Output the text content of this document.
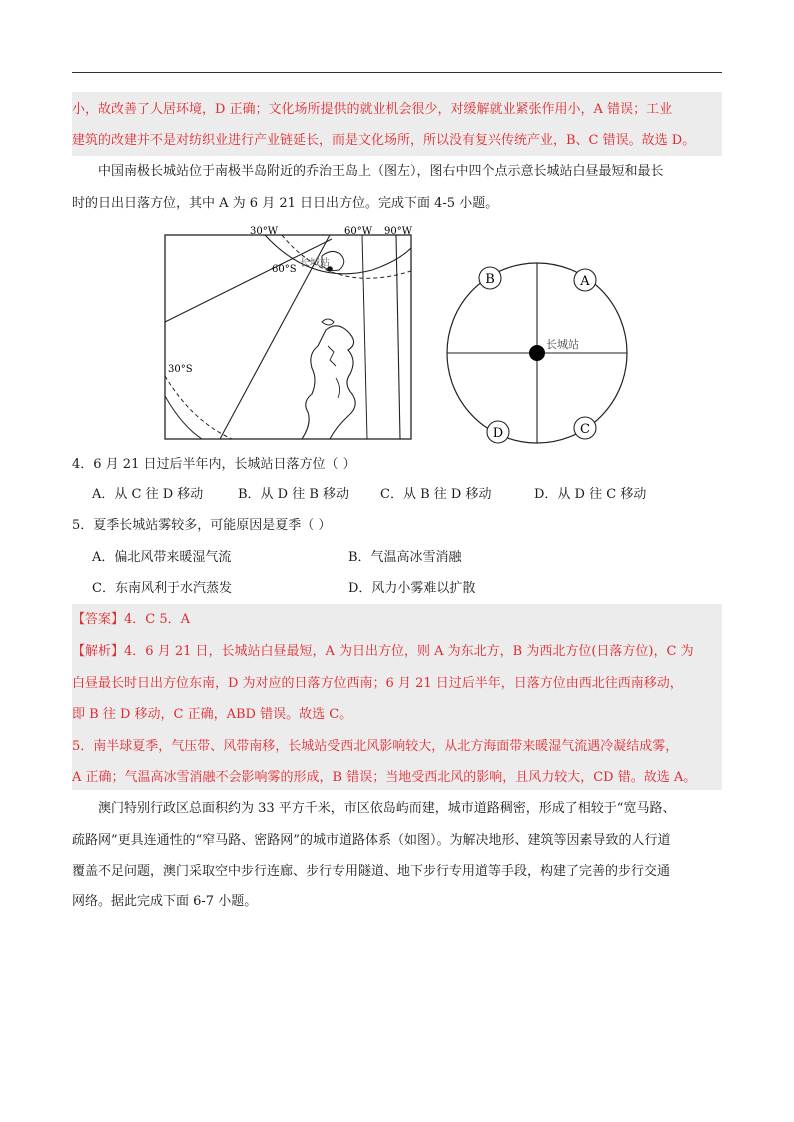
小，故改善了人居环境，D 正确；文化场所提供的就业机会很少，对缓解就业紧张作用小，A 错误；工业
建筑的改建并不是对纺织业进行产业链延长，而是文化场所，所以没有复兴传统产业，B、C 错误。故选 D。
中国南极长城站位于南极半岛附近的乔治王岛上（图左），图右中四个点示意长城站白昼最短和最长
时的日出日落方位，其中 A 为 6 月 21 日日出方位。完成下面 4-5 小题。
30°W	60°W 90°W
60°S
30°S
长城站
长城站
B	A
C
D
4．6 月 21 日过后半年内，长城站日落方位（ ）
A．从 C 往 D 移动	B．从 D 往 B 移动 C．从 B 往 D 移动	D．从 D 往 C 移动
5．夏季长城站雾较多，可能原因是夏季（ ）
A．偏北风带来暖湿气流	B．气温高冰雪消融
C．东南风利于水汽蒸发	D．风力小雾难以扩散
【答案】4．C 5．A
【解析】4．6 月 21 日，长城站白昼最短，A 为日出方位，则 A 为东北方，B 为西北方位(日落方位)，C 为
白昼最长时日出方位东南，D 为对应的日落方位西南；6 月 21 日过后半年，日落方位由西北往西南移动，
即 B 往 D 移动，C 正确，ABD 错误。故选 C。
5．南半球夏季，气压带、风带南移，长城站受西北风影响较大，从北方海面带来暖湿气流遇冷凝结成雾，
A 正确；气温高冰雪消融不会影响雾的形成，B 错误；当地受西北风的影响，且风力较大，CD 错。故选 A。
澳门特别行政区总面积约为 33 平方千米，市区依岛屿而建，城市道路稠密，形成了相较于“宽马路、
疏路网”更具连通性的“窄马路、密路网”的城市道路体系（如图）。为解决地形、建筑等因素导致的人行道
覆盖不足问题，澳门采取空中步行连廊、步行专用隧道、地下步行专用道等手段，构建了完善的步行交通
网络。据此完成下面 6-7 小题。
